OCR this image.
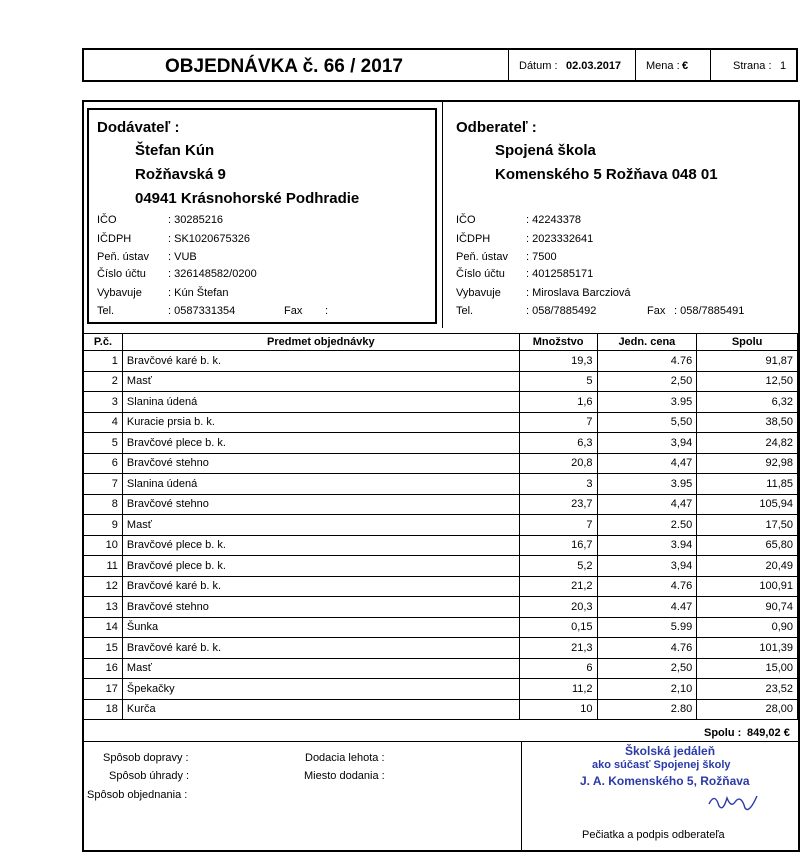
OBJEDNÁVKA č. 66 / 2017	Dátum : 02.03.2017 Mena : €	Strana : 1
Dodávateľ :
Štefan Kún
Rožňavská 9
04941 Krásnohorské Podhradie
IČO	: 30285216
IČDPH	: SK1020675326
Peň. ústav : VUB
Číslo účtu : 326148582/0200
Vybavuje : Kún Štefan
Tel.	: 0587331354	Fax :
Odberateľ :
Spojená škola
Komenského 5 Rožňava 048 01
IČO	: 42243378
IČDPH	: 2023332641
Peň. ústav : 7500
Číslo účtu : 4012585171
Vybavuje : Miroslava Barcziová
Tel.	: 058/7885492	Fax : 058/7885491
P.č.	Predmet objednávky	Množstvo	Jedn. cena	Spolu
1	Bravčové karé b. k.	19,3	4.76	91,87
2	Masť	5	2,50	12,50
3	Slanina údená	1,6	3.95	6,32
4	Kuracie prsia b. k.	7	5,50	38,50
5	Bravčové plece b. k.	6,3	3,94	24,82
6	Bravčové stehno	20,8	4,47	92,98
7	Slanina údená	3	3.95	11,85
8	Bravčové stehno	23,7	4,47	105,94
9	Masť	7	2.50	17,50
10	Bravčové plece b. k.	16,7	3.94	65,80
11	Bravčové plece b. k.	5,2	3,94	20,49
12	Bravčové karé b. k.	21,2	4.76	100,91
13	Bravčové stehno	20,3	4.47	90,74
14	Šunka	0,15	5.99	0,90
15	Bravčové karé b. k.	21,3	4.76	101,39
16	Masť	6	2,50	15,00
17	Špekačky	11,2	2,10	23,52
18	Kurča	10	2.80	28,00
Spolu : 849,02 €
Spôsob dopravy :
Spôsob úhrady :
Spôsob objednania :
Dodacia lehota :
Miesto dodania :
Školská jedáleň
ako súčasť Spojenej školy
J. A. Komenského 5, Rožňava
Pečiatka a podpis odberateľa
